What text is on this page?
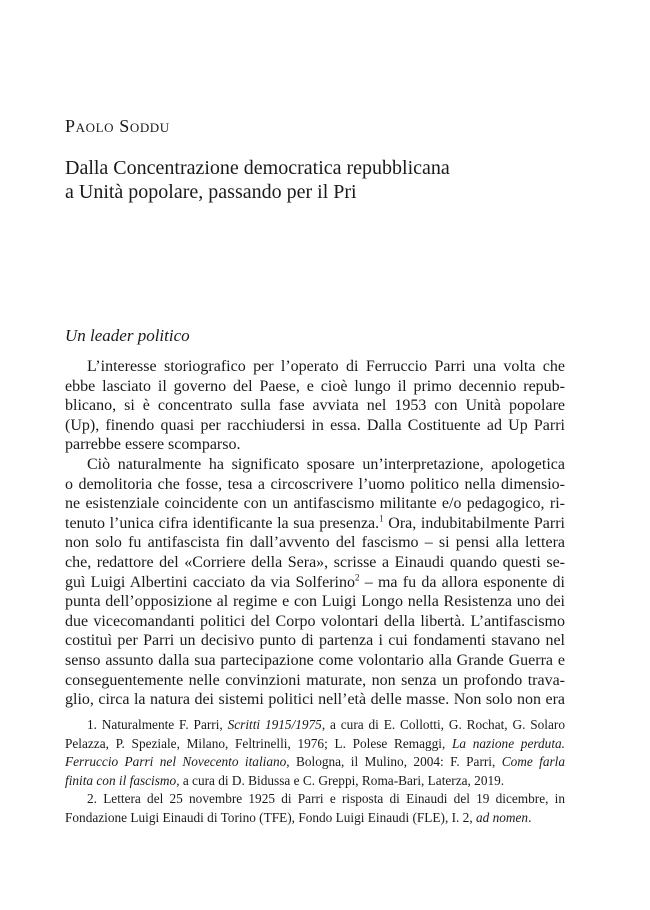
Paolo Soddu
Dalla Concentrazione democratica repubblicana
a Unità popolare, passando per il Pri
Un leader politico
L’interesse storiografico per l’operato di Ferruccio Parri una volta che
ebbe lasciato il governo del Paese, e cioè lungo il primo decennio repub-
blicano, si è concentrato sulla fase avviata nel 1953 con Unità popolare
(Up), finendo quasi per racchiudersi in essa. Dalla Costituente ad Up Parri
parrebbe essere scomparso.
Ciò naturalmente ha significato sposare un’interpretazione, apologetica
o demolitoria che fosse, tesa a circoscrivere l’uomo politico nella dimensio-
ne esistenziale coincidente con un antifascismo militante e/o pedagogico, ri-
tenuto l’unica cifra identificante la sua presenza.$^1$ Ora, indubitabilmente Parri
non solo fu antifascista fin dall’avvento del fascismo – si pensi alla lettera
che, redattore del «Corriere della Sera», scrisse a Einaudi quando questi se-
guì Luigi Albertini cacciato da via Solferino$^2$ – ma fu da allora esponente di
punta dell’opposizione al regime e con Luigi Longo nella Resistenza uno dei
due vicecomandanti politici del Corpo volontari della libertà. L’antifascismo
costituì per Parri un decisivo punto di partenza i cui fondamenti stavano nel
senso assunto dalla sua partecipazione come volontario alla Grande Guerra e
conseguentemente nelle convinzioni maturate, non senza un profondo trava-
glio, circa la natura dei sistemi politici nell’età delle masse. Non solo non era
1. Naturalmente F. Parri, Scritti 1915/1975, a cura di E. Collotti, G. Rochat, G. Solaro
Pelazza, P. Speziale, Milano, Feltrinelli, 1976; L. Polese Remaggi, La nazione perduta.
Ferruccio Parri nel Novecento italiano, Bologna, il Mulino, 2004: F. Parri, Come farla
finita con il fascismo, a cura di D. Bidussa e C. Greppi, Roma-Bari, Laterza, 2019.
2. Lettera del 25 novembre 1925 di Parri e risposta di Einaudi del 19 dicembre, in
Fondazione Luigi Einaudi di Torino (TFE), Fondo Luigi Einaudi (FLE), I. 2, ad nomen.
